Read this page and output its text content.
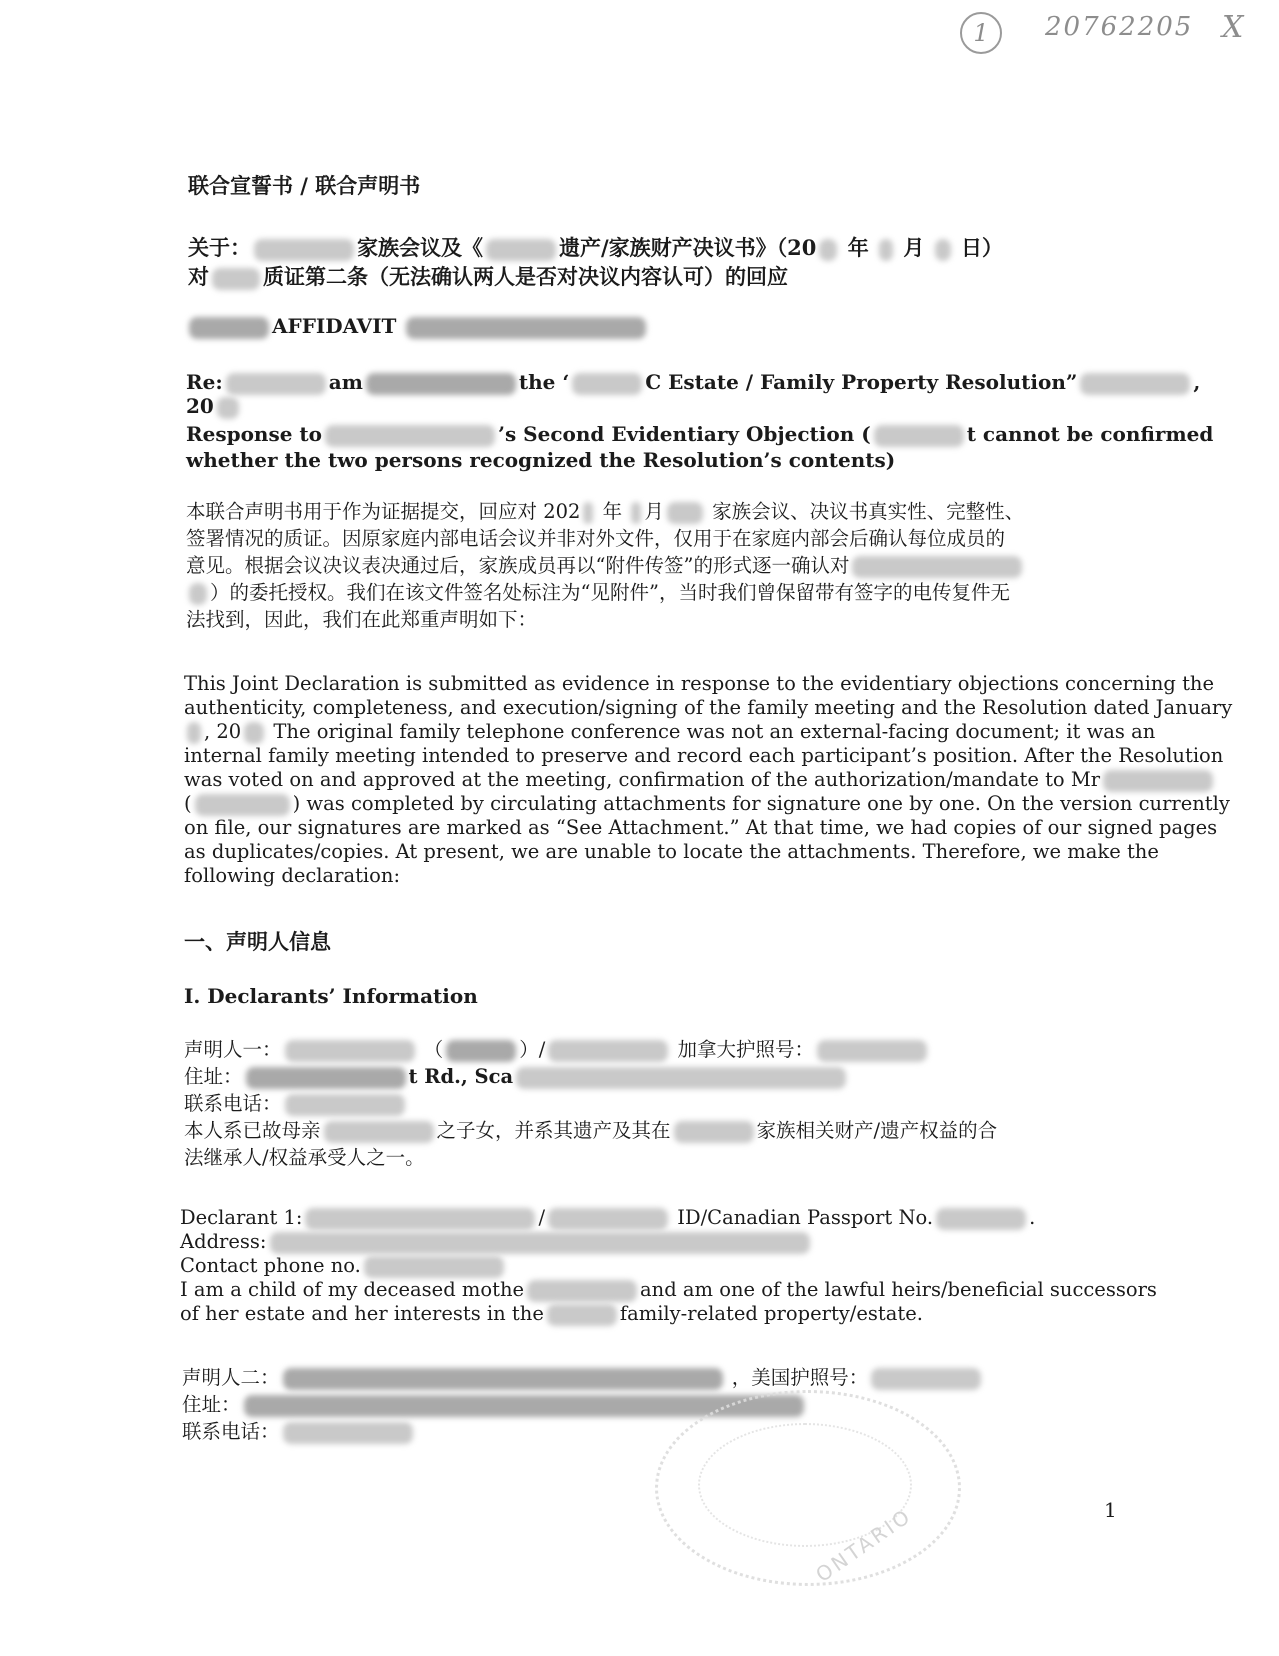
1	20762205 X
联合宣誓书 / 联合声明书
关于：	家族会议及《	遗产/家族财产决议书》（20 年 月 日）
对	质证第二条（无法确认两人是否对决议内容认可）的回应
AFFIDAVIT
Re:	am	the ‘	C Estate / Family Property Resolution”	,
20
Response to	’s Second Evidentiary Objection (	t cannot be confirmed
whether the two persons recognized the Resolution’s contents)
本联合声明书用于作为证据提交，回应对 202 年 月 家族会议、决议书真实性、完整性、
签署情况的质证。因原家庭内部电话会议并非对外文件，仅用于在家庭内部会后确认每位成员的
意见。根据会议决议表决通过后，家族成员再以“附件传签”的形式逐一确认对
）的委托授权。我们在该文件签名处标注为“见附件”，当时我们曾保留带有签字的电传复件无
法找到，因此，我们在此郑重声明如下：
This Joint Declaration is submitted as evidence in response to the evidentiary objections concerning the
authenticity, completeness, and execution/signing of the family meeting and the Resolution dated January
, 20 The original family telephone conference was not an external-facing document; it was an
internal family meeting intended to preserve and record each participant’s position. After the Resolution
was voted on and approved at the meeting, confirmation of the authorization/mandate to Mr
(	) was completed by circulating attachments for signature one by one. On the version currently
on file, our signatures are marked as “See Attachment.” At that time, we had copies of our signed pages
as duplicates/copies. At present, we are unable to locate the attachments. Therefore, we make the
following declaration:
一、声明人信息
I. Declarants’ Information
声明人一：	（	）/	加拿大护照号：
住址：	t Rd., Sca
联系电话：
本人系已故母亲	之子女，并系其遗产及其在	家族相关财产/遗产权益的合
法继承人/权益承受人之一。
Declarant 1:	/	ID/Canadian Passport No.	.
Address:
Contact phone no.
I am a child of my deceased mothe	and am one of the lawful heirs/beneficial successors
of her estate and her interests in the	family-related property/estate.
声明人二：	，美国护照号：
住址：
联系电话：
ONTARIO	1
